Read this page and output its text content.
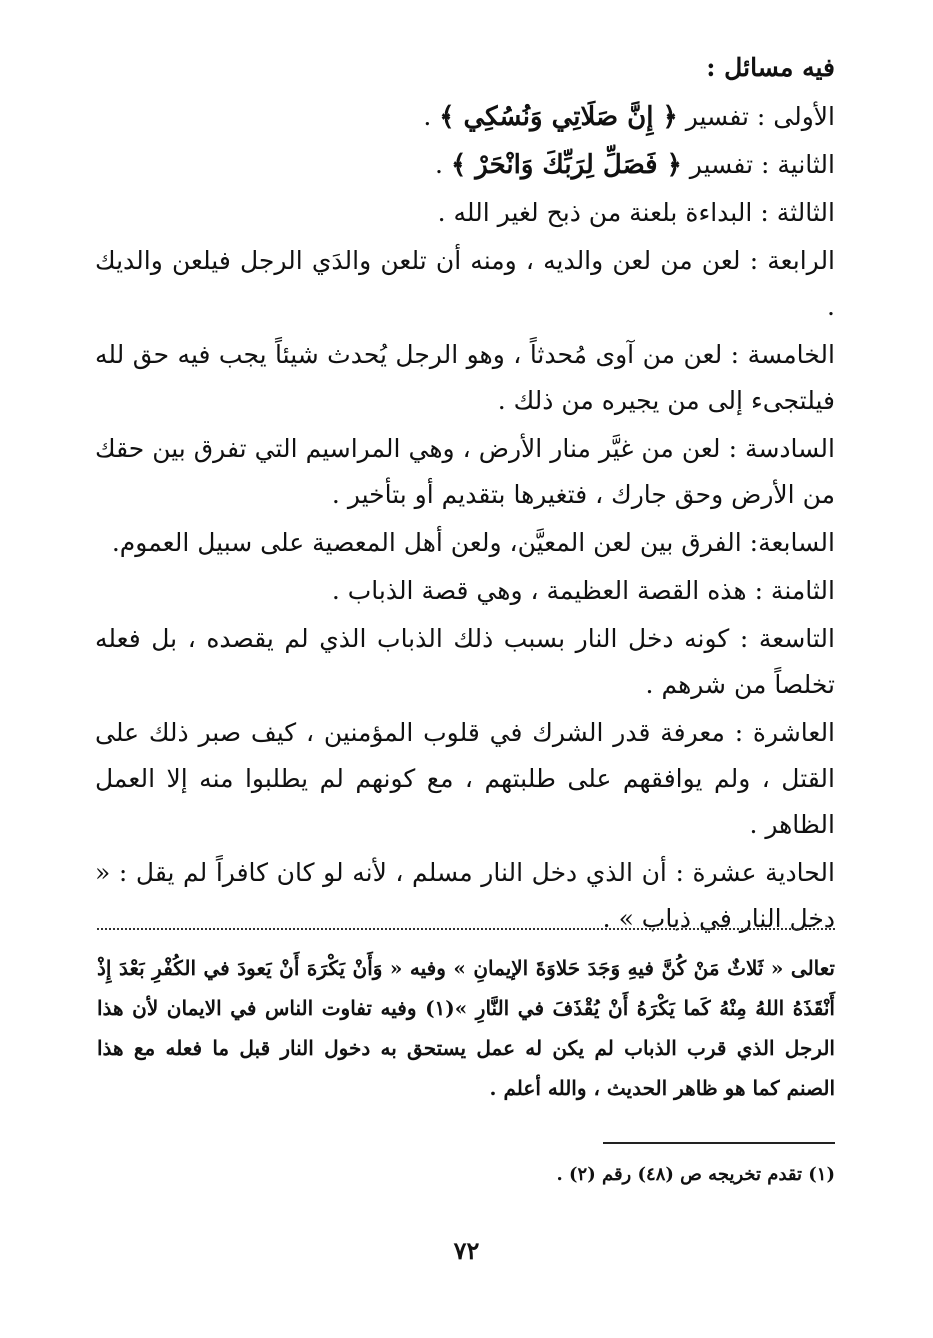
فيه مسائل :
الأولى : تفسير ﴿ إِنَّ صَلَاتِي وَنُسُكِي ﴾ .
الثانية : تفسير ﴿ فَصَلِّ لِرَبِّكَ وَانْحَرْ ﴾ .
الثالثة : البداءة بلعنة من ذبح لغير الله .
الرابعة : لعن من لعن والديه ، ومنه أن تلعن والدَي الرجل فيلعن والديك .
الخامسة : لعن من آوى مُحدثاً ، وهو الرجل يُحدث شيئاً يجب فيه حق لله فيلتجىء إلى من يجيره من ذلك .
السادسة : لعن من غيَّر منار الأرض ، وهي المراسيم التي تفرق بين حقك من الأرض وحق جارك ، فتغيرها بتقديم أو بتأخير .
السابعة: الفرق بين لعن المعيَّن، ولعن أهل المعصية على سبيل العموم.
الثامنة : هذه القصة العظيمة ، وهي قصة الذباب .
التاسعة : كونه دخل النار بسبب ذلك الذباب الذي لم يقصده ، بل فعله تخلصاً من شرهم .
العاشرة : معرفة قدر الشرك في قلوب المؤمنين ، كيف صبر ذلك على القتل ، ولم يوافقهم على طلبتهم ، مع كونهم لم يطلبوا منه إلا العمل الظاهر .
الحادية عشرة : أن الذي دخل النار مسلم ، لأنه لو كان كافراً لم يقل : « دخل النار في ذباب » .
تعالى « ثَلاثٌ مَنْ كُنَّ فيهِ وَجَدَ حَلاوَةَ الإيمانِ » وفيه « وَأَنْ يَكْرَهَ أَنْ يَعودَ في الكُفْرِ بَعْدَ إِذْ أَنْقَذَهُ اللهُ مِنْهُ كَما يَكْرَهُ أَنْ يُقْذَفَ في النَّارِ »(١) وفيه تفاوت الناس في الايمان لأن هذا الرجل الذي قرب الذباب لم يكن له عمل يستحق به دخول النار قبل ما فعله مع هذا الصنم كما هو ظاهر الحديث ، والله أعلم .
(١) تقدم تخريجه ص (٤٨) رقم (٢) .
٧٢
